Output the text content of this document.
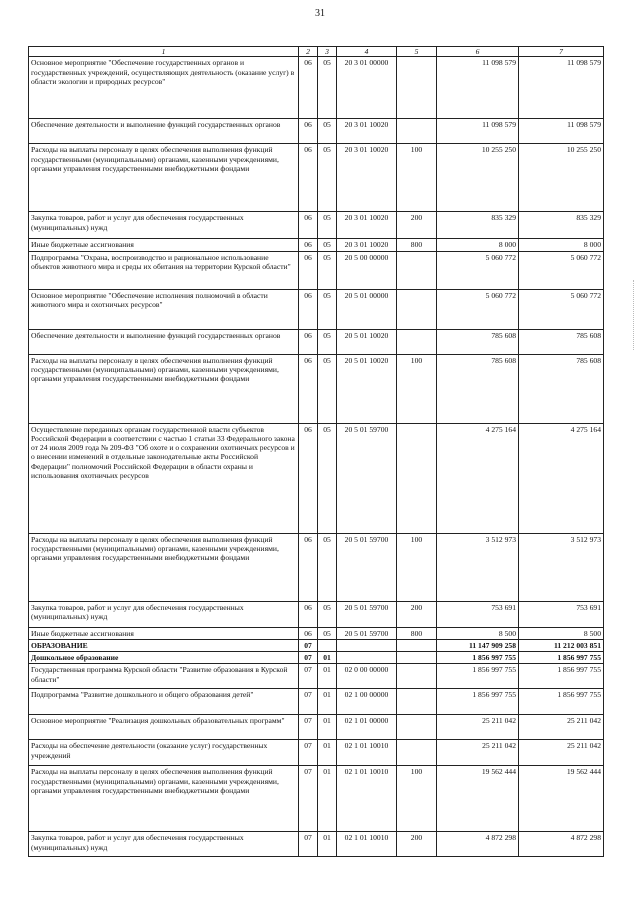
31
1	2	3	4	5	6	7
Основное мероприятие "Обеспечение государственных органов и государственных учреждений, осуществляющих деятельность (оказание услуг) в области экологии и природных ресурсов"	06	05	20 3 01 00000		11 098 579	11 098 579
Обеспечение деятельности и выполнение функций государственных органов	06	05	20 3 01 10020		11 098 579	11 098 579
Расходы на выплаты персоналу в целях обеспечения выполнения функций государственными (муниципальными) органами, казенными учреждениями, органами управления государственными внебюджетными фондами	06	05	20 3 01 10020	100	10 255 250	10 255 250
Закупка товаров, работ и услуг для обеспечения государственных (муниципальных) нужд	06	05	20 3 01 10020	200	835 329	835 329
Иные бюджетные ассигнования	06	05	20 3 01 10020	800	8 000	8 000
Подпрограмма "Охрана, воспроизводство и рациональное использование объектов животного мира и среды их обитания на территории Курской области"	06	05	20 5 00 00000		5 060 772	5 060 772
Основное мероприятие "Обеспечение исполнения полномочий в области животного мира и охотничьих ресурсов"	06	05	20 5 01 00000		5 060 772	5 060 772
Обеспечение деятельности и выполнение функций государственных органов	06	05	20 5 01 10020		785 608	785 608
Расходы на выплаты персоналу в целях обеспечения выполнения функций государственными (муниципальными) органами, казенными учреждениями, органами управления государственными внебюджетными фондами	06	05	20 5 01 10020	100	785 608	785 608
Осуществление переданных органам государственной власти субъектов Российской Федерации в соответствии с частью 1 статьи 33 Федерального закона от 24 июля 2009 года № 209-ФЗ "Об охоте и о сохранении охотничьих ресурсов и о внесении изменений в отдельные законодательные акты Российской Федерации" полномочий Российской Федерации в области охраны и использования охотничьих ресурсов	06	05	20 5 01 59700		4 275 164	4 275 164
Расходы на выплаты персоналу в целях обеспечения выполнения функций государственными (муниципальными) органами, казенными учреждениями, органами управления государственными внебюджетными фондами	06	05	20 5 01 59700	100	3 512 973	3 512 973
Закупка товаров, работ и услуг для обеспечения государственных (муниципальных) нужд	06	05	20 5 01 59700	200	753 691	753 691
Иные бюджетные ассигнования	06	05	20 5 01 59700	800	8 500	8 500
ОБРАЗОВАНИЕ	07				11 147 909 258	11 212 003 851
Дошкольное образование	07	01			1 856 997 755	1 856 997 755
Государственная программа Курской области "Развитие образования в Курской области"	07	01	02 0 00 00000		1 856 997 755	1 856 997 755
Подпрограмма "Развитие дошкольного и общего образования детей"	07	01	02 1 00 00000		1 856 997 755	1 856 997 755
Основное мероприятие "Реализация дошкольных образовательных программ"	07	01	02 1 01 00000		25 211 042	25 211 042
Расходы на обеспечение деятельности (оказание услуг) государственных учреждений	07	01	02 1 01 10010		25 211 042	25 211 042
Расходы на выплаты персоналу в целях обеспечения выполнения функций государственными (муниципальными) органами, казенными учреждениями, органами управления государственными внебюджетными фондами	07	01	02 1 01 10010	100	19 562 444	19 562 444
Закупка товаров, работ и услуг для обеспечения государственных (муниципальных) нужд	07	01	02 1 01 10010	200	4 872 298	4 872 298
